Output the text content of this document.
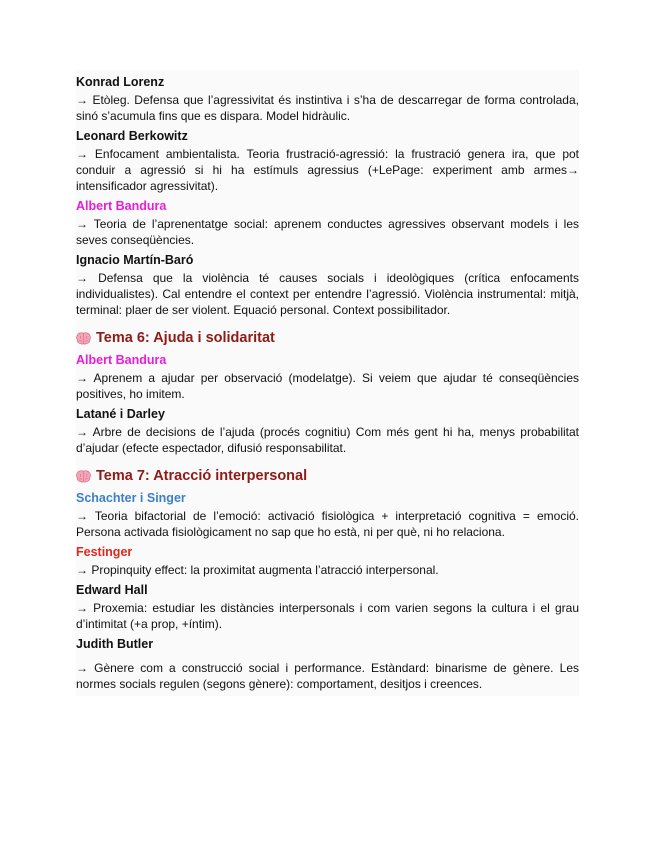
Konrad Lorenz
→ Etòleg. Defensa que l’agressivitat és instintiva i s’ha de descarregar de forma controlada, sinó s’acumula fins que es dispara. Model hidràulic.
Leonard Berkowitz
→ Enfocament ambientalista. Teoria frustració-agressió: la frustració genera ira, que pot conduir a agressió si hi ha estímuls agressius (+LePage: experiment amb armes→ intensificador agressivitat).
Albert Bandura
→ Teoria de l’aprenentatge social: aprenem conductes agressives observant models i les seves conseqüències.
Ignacio Martín-Baró
→ Defensa que la violència té causes socials i ideològiques (crítica enfocaments individualistes). Cal entendre el context per entendre l’agressió. Violència instrumental: mitjà, terminal: plaer de ser violent. Equació personal. Context possibilitador.
Tema 6: Ajuda i solidaritat
Albert Bandura
→ Aprenem a ajudar per observació (modelatge). Si veiem que ajudar té conseqüències positives, ho imitem.
Latané i Darley
→ Arbre de decisions de l’ajuda (procés cognitiu) Com més gent hi ha, menys probabilitat d’ajudar (efecte espectador, difusió responsabilitat.
Tema 7: Atracció interpersonal
Schachter i Singer
→ Teoria bifactorial de l’emoció: activació fisiològica + interpretació cognitiva = emoció. Persona activada fisiològicament no sap que ho està, ni per què, ni ho relaciona.
Festinger
→ Propinquity effect: la proximitat augmenta l’atracció interpersonal.
Edward Hall
→ Proxemia: estudiar les distàncies interpersonals i com varien segons la cultura i el grau d’intimitat (+a prop, +íntim).
Judith Butler
→ Gènere com a construcció social i performance. Estàndard: binarisme de gènere. Les normes socials regulen (segons gènere): comportament, desitjos i creences.
